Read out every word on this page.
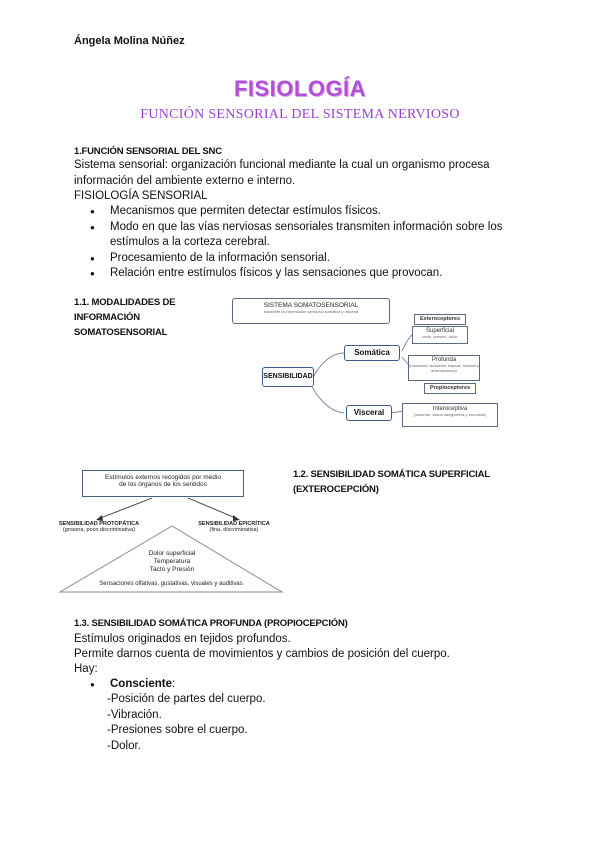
Ángela Molina Núñez
FISIOLOGÍA
FUNCIÓN SENSORIAL DEL SISTEMA NERVIOSO
1.FUNCIÓN SENSORIAL DEL SNC
Sistema sensorial: organización funcional mediante la cual un organismo procesa información del ambiente externo e interno.
FISIOLOGÍA SENSORIAL
● Mecanismos que permiten detectar estímulos físicos.
● Modo en que las vías nerviosas sensoriales transmiten información sobre los estímulos a la corteza cerebral.
● Procesamiento de la información sensorial.
● Relación entre estímulos físicos y las sensaciones que provocan.
1.1. MODALIDADES DE
INFORMACIÓN
SOMATOSENSORIAL
SISTEMA SOMATOSENSORIAL
transmite la información sensorial somática y visceral
SENSIBILIDAD
Somática
Visceral
Exteroceptores
Superficial
tacto, presión, dolor
Profunda
(músculos, tendones, fascias, huesos y articulaciones)
Propioceptores
Interoceptiva
(vísceras, vasos sanguíneos y mucosas)
Estímulos externos recogidos por medio
de los órganos de los sentidos
SENSIBILIDAD PROTOPÁTICA
(grosera, poco discriminativa)
SENSIBILIDAD EPICRÍTICA
(fina, discriminativa)
Dolor superficial
Temperatura
Tacto y Presión
Sensaciones olfativas, gustativas, visuales y auditivas
1.2. SENSIBILIDAD SOMÁTICA SUPERFICIAL
(EXTEROCEPCIÓN)
1.3. SENSIBILIDAD SOMÁTICA PROFUNDA (PROPIOCEPCIÓN)
Estímulos originados en tejidos profundos.
Permite darnos cuenta de movimientos y cambios de posición del cuerpo.
Hay:
● Consciente:
-Posición de partes del cuerpo.
-Vibración.
-Presiones sobre el cuerpo.
-Dolor.
